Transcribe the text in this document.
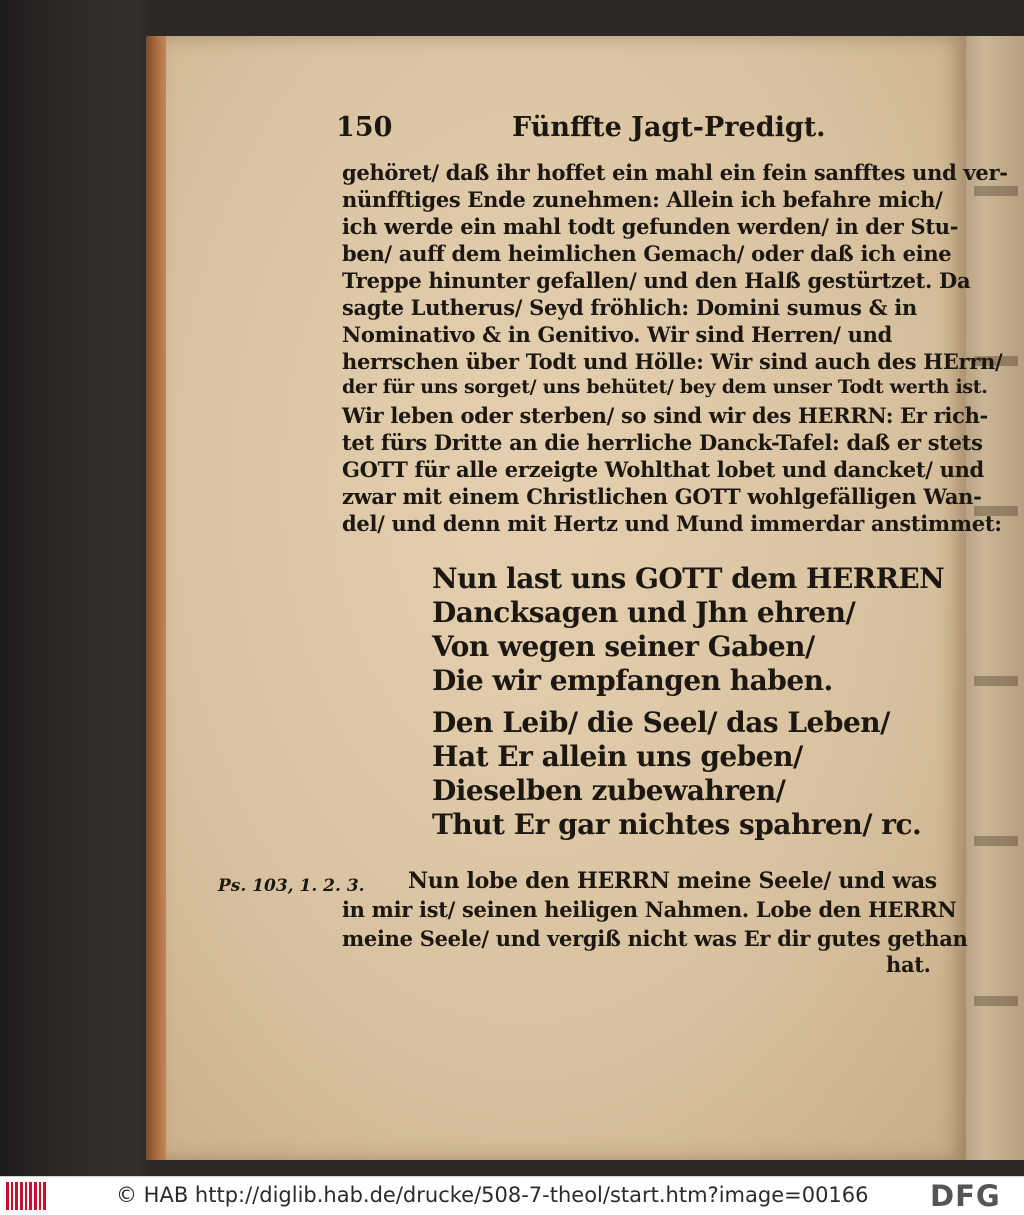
150	Fünffte Jagt-Predigt.
gehöret/ daß ihr hoffet ein mahl ein fein sanfftes und ver-
nünfftiges Ende zunehmen: Allein ich befahre mich/
ich werde ein mahl todt gefunden werden/ in der Stu-
ben/ auff dem heimlichen Gemach/ oder daß ich eine
Treppe hinunter gefallen/ und den Halß gestürtzet. Da
sagte Lutherus/ Seyd fröhlich: Domini sumus & in
Nominativo & in Genitivo. Wir sind Herren/ und
herrschen über Todt und Hölle: Wir sind auch des HErrn/
der für uns sorget/ uns behütet/ bey dem unser Todt werth ist.
Wir leben oder sterben/ so sind wir des HERRN: Er rich-
tet fürs Dritte an die herrliche Danck-Tafel: daß er stets
GOTT für alle erzeigte Wohlthat lobet und dancket/ und
zwar mit einem Christlichen GOTT wohlgefälligen Wan-
del/ und denn mit Hertz und Mund immerdar anstimmet:
Nun last uns GOTT dem HERREN
Dancksagen und Jhn ehren/
Von wegen seiner Gaben/
Die wir empfangen haben.
Den Leib/ die Seel/ das Leben/
Hat Er allein uns geben/
Dieselben zubewahren/
Thut Er gar nichtes spahren/ rc.
Ps. 103, 1. 2. 3. Nun lobe den HERRN meine Seele/ und was
in mir ist/ seinen heiligen Nahmen. Lobe den HERRN
meine Seele/ und vergiß nicht was Er dir gutes gethan
hat.
© HAB http://diglib.hab.de/drucke/508-7-theol/start.htm?image=00166 DFG
